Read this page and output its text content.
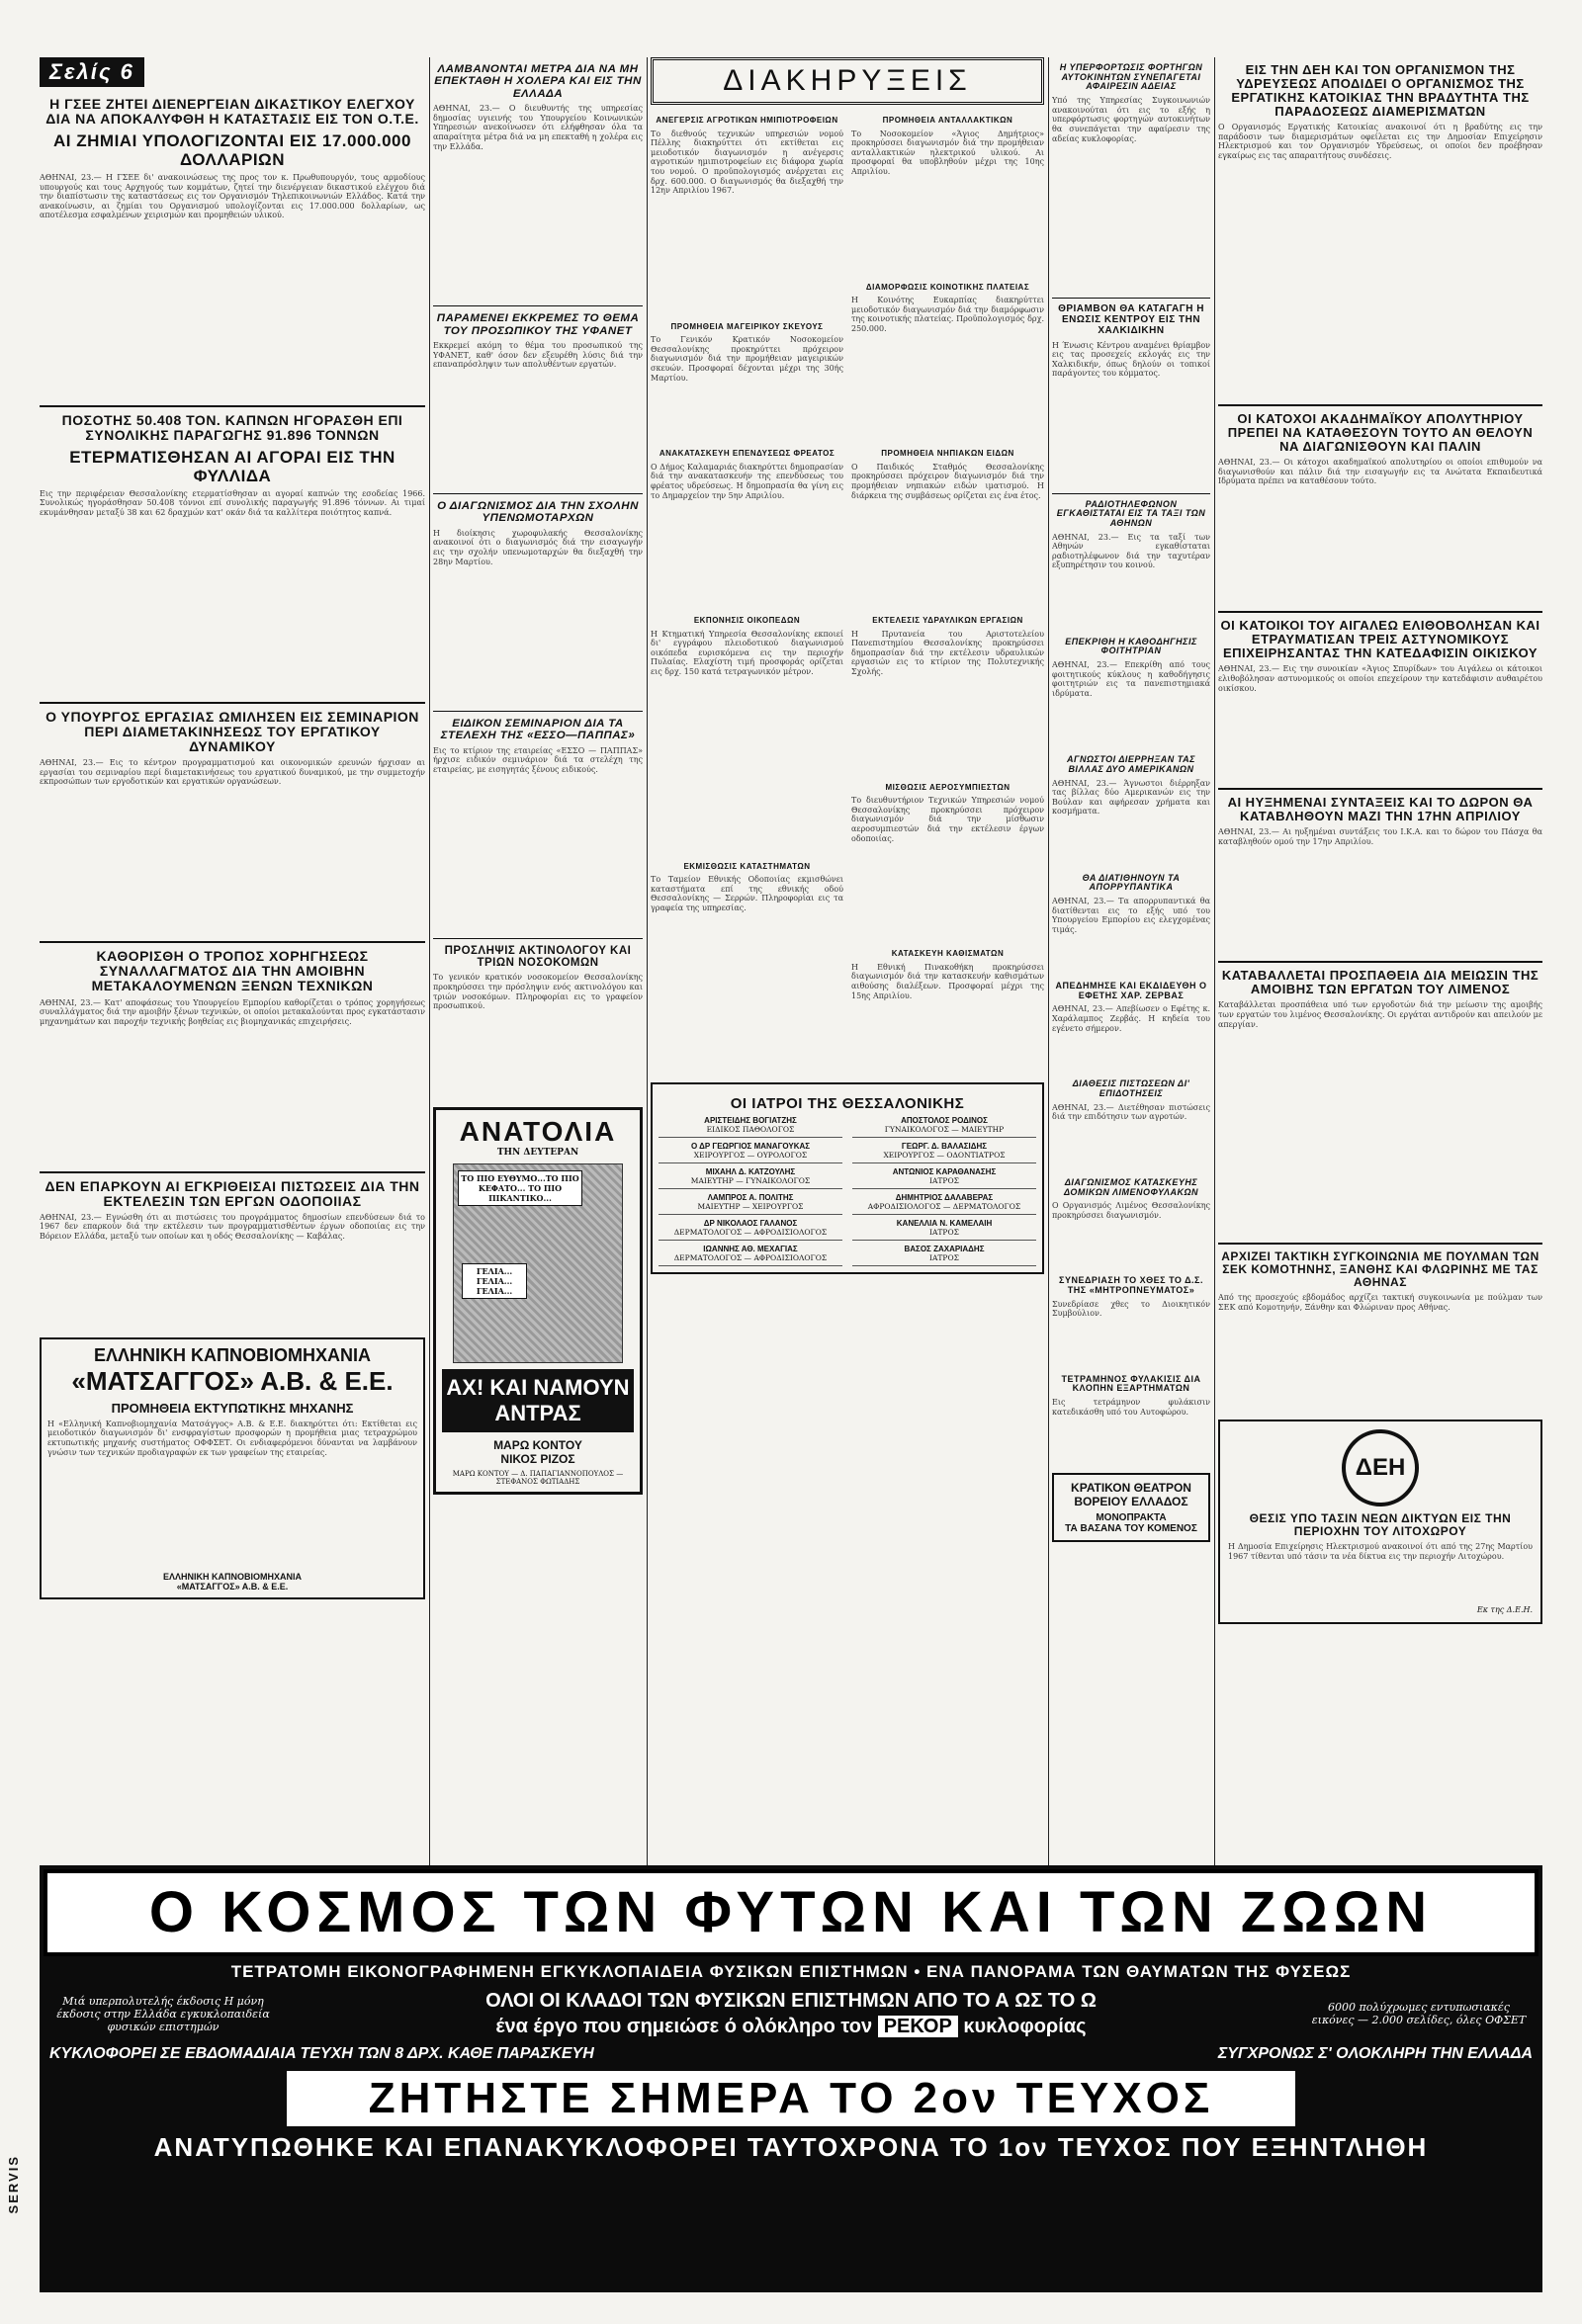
Σελίς 6
Η ΓΣΕΕ ΖΗΤΕΙ ΔΙΕΝΕΡΓΕΙΑΝ ΔΙΚΑΣΤΙΚΟΥ ΕΛΕΓΧΟΥ ΔΙΑ ΝΑ ΑΠΟΚΑΛΥΦΘΗ Η ΚΑΤΑΣΤΑΣΙΣ ΕΙΣ ΤΟΝ Ο.Τ.Ε.
ΑΙ ΖΗΜΙΑΙ ΥΠΟΛΟΓΙΖΟΝΤΑΙ ΕΙΣ 17.000.000 ΔΟΛΛΑΡΙΩΝ
ΑΘΗΝΑΙ, 23.— Η ΓΣΕΕ δι' ανακοινώσεως της προς τον κ. Πρωθυπουργόν, τους αρμοδίους υπουργούς και τους Αρχηγούς των κομμάτων, ζητεί την διενέργειαν δικαστικού ελέγχου διά την διαπίστωσιν της καταστάσεως εις τον Οργανισμόν Τηλεπικοινωνιών Ελλάδος. Κατά την ανακοίνωσιν, αι ζημίαι του Οργανισμού υπολογίζονται εις 17.000.000 δολλαρίων, ως αποτέλεσμα εσφαλμένων χειρισμών και προμηθειών υλικού.
ΠΟΣΟΤΗΣ 50.408 ΤΟΝ. ΚΑΠΝΩΝ ΗΓΟΡΑΣΘΗ ΕΠΙ ΣΥΝΟΛΙΚΗΣ ΠΑΡΑΓΩΓΗΣ 91.896 ΤΟΝΝΩΝ
ΕΤΕΡΜΑΤΙΣΘΗΣΑΝ ΑΙ ΑΓΟΡΑΙ ΕΙΣ ΤΗΝ ΦΥΛΛΙΔΑ
Εις την περιφέρειαν Θεσσαλονίκης ετερματίσθησαν αι αγοραί καπνών της εσοδείας 1966. Συνολικώς ηγοράσθησαν 50.408 τόννοι επί συνολικής παραγωγής 91.896 τόννων. Αι τιμαί εκυμάνθησαν μεταξύ 38 και 62 δραχμών κατ' οκάν διά τα καλλίτερα ποιότητος καπνά.
Ο ΥΠΟΥΡΓΟΣ ΕΡΓΑΣΙΑΣ ΩΜΙΛΗΣΕΝ ΕΙΣ ΣΕΜΙΝΑΡΙΟΝ ΠΕΡΙ ΔΙΑΜΕΤΑΚΙΝΗΣΕΩΣ ΤΟΥ ΕΡΓΑΤΙΚΟΥ ΔΥΝΑΜΙΚΟΥ
ΑΘΗΝΑΙ, 23.— Εις το κέντρον προγραμματισμού και οικονομικών ερευνών ήρχισαν αι εργασίαι του σεμιναρίου περί διαμετακινήσεως του εργατικού δυναμικού, με την συμμετοχήν εκπροσώπων των εργοδοτικών και εργατικών οργανώσεων.
ΚΑΘΟΡΙΣΘΗ Ο ΤΡΟΠΟΣ ΧΟΡΗΓΗΣΕΩΣ ΣΥΝΑΛΛΑΓΜΑΤΟΣ ΔΙΑ ΤΗΝ ΑΜΟΙΒΗΝ ΜΕΤΑΚΑΛΟΥΜΕΝΩΝ ΞΕΝΩΝ ΤΕΧΝΙΚΩΝ
ΑΘΗΝΑΙ, 23.— Κατ' αποφάσεως του Υπουργείου Εμπορίου καθορίζεται ο τρόπος χορηγήσεως συναλλάγματος διά την αμοιβήν ξένων τεχνικών, οι οποίοι μετακαλούνται προς εγκατάστασιν μηχανημάτων και παροχήν τεχνικής βοηθείας εις βιομηχανικάς επιχειρήσεις.
ΔΕΝ ΕΠΑΡΚΟΥΝ ΑΙ ΕΓΚΡΙΘΕΙΣΑΙ ΠΙΣΤΩΣΕΙΣ ΔΙΑ ΤΗΝ ΕΚΤΕΛΕΣΙΝ ΤΩΝ ΕΡΓΩΝ ΟΔΟΠΟΙΙΑΣ
ΑΘΗΝΑΙ, 23.— Εγνώσθη ότι αι πιστώσεις του προγράμματος δημοσίων επενδύσεων διά το 1967 δεν επαρκούν διά την εκτέλεσιν των προγραμματισθέντων έργων οδοποιίας εις την Βόρειον Ελλάδα, μεταξύ των οποίων και η οδός Θεσσαλονίκης — Καβάλας.
ΕΛΛΗΝΙΚΗ ΚΑΠΝΟΒΙΟΜΗΧΑΝΙΑ
«ΜΑΤΣΑΓΓΟΣ» Α.Β. & Ε.Ε.
ΠΡΟΜΗΘΕΙΑ ΕΚΤΥΠΩΤΙΚΗΣ ΜΗΧΑΝΗΣ
Η «Ελληνική Καπνοβιομηχανία Ματσάγγος» Α.Β. & Ε.Ε. διακηρύττει ότι: Εκτίθεται εις μειοδοτικόν διαγωνισμόν δι' ενσφραγίστων προσφορών η προμήθεια μιας τετραχρώμου εκτυπωτικής μηχανής συστήματος ΟΦΦΣΕΤ. Οι ενδιαφερόμενοι δύνανται να λαμβάνουν γνώσιν των τεχνικών προδιαγραφών εκ των γραφείων της εταιρείας.
ΕΛΛΗΝΙΚΗ ΚΑΠΝΟΒΙΟΜΗΧΑΝΙΑ
«ΜΑΤΣΑΓΓΟΣ» Α.Β. & Ε.Ε.
ΛΑΜΒΑΝΟΝΤΑΙ ΜΕΤΡΑ ΔΙΑ ΝΑ ΜΗ ΕΠΕΚΤΑΘΗ Η ΧΟΛΕΡΑ ΚΑΙ ΕΙΣ ΤΗΝ ΕΛΛΑΔΑ
ΑΘΗΝΑΙ, 23.— Ο διευθυντής της υπηρεσίας δημοσίας υγιεινής του Υπουργείου Κοινωνικών Υπηρεσιών ανεκοίνωσεν ότι ελήφθησαν όλα τα απαραίτητα μέτρα διά να μη επεκταθή η χολέρα εις την Ελλάδα.
ΠΑΡΑΜΕΝΕΙ ΕΚΚΡΕΜΕΣ ΤΟ ΘΕΜΑ ΤΟΥ ΠΡΟΣΩΠΙΚΟΥ ΤΗΣ ΥΦΑΝΕΤ
Εκκρεμεί ακόμη το θέμα του προσωπικού της ΥΦΑΝΕΤ, καθ' όσον δεν εξευρέθη λύσις διά την επαναπρόσληψιν των απολυθέντων εργατών.
Ο ΔΙΑΓΩΝΙΣΜΟΣ ΔΙΑ ΤΗΝ ΣΧΟΛΗΝ ΥΠΕΝΩΜΟΤΑΡΧΩΝ
Η διοίκησις χωροφυλακής Θεσσαλονίκης ανακοινοί ότι ο διαγωνισμός διά την εισαγωγήν εις την σχολήν υπενωμοταρχών θα διεξαχθή την 28ην Μαρτίου.
ΕΙΔΙΚΟΝ ΣΕΜΙΝΑΡΙΟΝ ΔΙΑ ΤΑ ΣΤΕΛΕΧΗ ΤΗΣ «ΕΣΣΟ—ΠΑΠΠΑΣ»
Εις το κτίριον της εταιρείας «ΕΣΣΟ — ΠΑΠΠΑΣ» ήρχισε ειδικόν σεμινάριον διά τα στελέχη της εταιρείας, με εισηγητάς ξένους ειδικούς.
ΠΡΟΣΛΗΨΙΣ ΑΚΤΙΝΟΛΟΓΟΥ ΚΑΙ ΤΡΙΩΝ ΝΟΣΟΚΟΜΩΝ
Το γενικόν κρατικόν νοσοκομείον Θεσσαλονίκης προκηρύσσει την πρόσληψιν ενός ακτινολόγου και τριών νοσοκόμων. Πληροφορίαι εις το γραφείον προσωπικού.
ΑΝΑΤΟΛΙΑ
ΤΗΝ ΔΕΥΤΕΡΑΝ
ΤΟ ΠΙΟ ΕΥΘΥΜΟ...ΤΟ ΠΙΟ ΚΕΦΑΤΟ... ΤΟ ΠΙΟ ΠΙΚΑΝΤΙΚΟ...
ΓΕΛΙΑ... ΓΕΛΙΑ... ΓΕΛΙΑ...
ΑΧ! ΚΑΙ ΝΑΜΟΥΝ ΑΝΤΡΑΣ
ΜΑΡΩ ΚΟΝΤΟΥ
ΝΙΚΟΣ ΡΙΖΟΣ
ΜΑΡΩ ΚΟΝΤΟΥ — Δ. ΠΑΠΑΓΙΑΝΝΟΠΟΥΛΟΣ — ΣΤΕΦΑΝΟΣ ΦΩΤΙΑΔΗΣ
ΔΙΑΚΗΡΥΞΕΙΣ
ΑΝΕΓΕΡΣΙΣ ΑΓΡΟΤΙΚΩΝ ΗΜΙΠΙΟΤΡΟΦΕΙΩΝ
Το διεθνούς τεχνικών υπηρεσιών νομού Πέλλης διακηρύττει ότι εκτίθεται εις μειοδοτικόν διαγωνισμόν η ανέγερσις αγροτικών ημιπιοτροφείων εις διάφορα χωρία του νομού. Ο προϋπολογισμός ανέρχεται εις δρχ. 600.000. Ο διαγωνισμός θα διεξαχθή την 12ην Απριλίου 1967.
ΠΡΟΜΗΘΕΙΑ ΜΑΓΕΙΡΙΚΟΥ ΣΚΕΥΟΥΣ
Το Γενικόν Κρατικόν Νοσοκομείον Θεσσαλονίκης προκηρύττει πρόχειρον διαγωνισμόν διά την προμήθειαν μαγειρικών σκευών. Προσφοραί δέχονται μέχρι της 30ής Μαρτίου.
ΑΝΑΚΑΤΑΣΚΕΥΗ ΕΠΕΝΔΥΣΕΩΣ ΦΡΕΑΤΟΣ
Ο Δήμος Καλαμαριάς διακηρύττει δημοπρασίαν διά την ανακατασκευήν της επενδύσεως του φρέατος υδρεύσεως. Η δημοπρασία θα γίνη εις το Δημαρχείον την 5ην Απριλίου.
ΕΚΠΟΝΗΣΙΣ ΟΙΚΟΠΕΔΩΝ
Η Κτηματική Υπηρεσία Θεσσαλονίκης εκποιεί δι' εγγράφου πλειοδοτικού διαγωνισμού οικόπεδα ευρισκόμενα εις την περιοχήν Πυλαίας. Ελαχίστη τιμή προσφοράς ορίζεται εις δρχ. 150 κατά τετραγωνικόν μέτρον.
ΕΚΜΙΣΘΩΣΙΣ ΚΑΤΑΣΤΗΜΑΤΩΝ
Το Ταμείον Εθνικής Οδοποιίας εκμισθώνει καταστήματα επί της εθνικής οδού Θεσσαλονίκης — Σερρών. Πληροφορίαι εις τα γραφεία της υπηρεσίας.
ΠΡΟΜΗΘΕΙΑ ΑΝΤΑΛΛΑΚΤΙΚΩΝ
Το Νοσοκομείον «Άγιος Δημήτριος» προκηρύσσει διαγωνισμόν διά την προμήθειαν ανταλλακτικών ηλεκτρικού υλικού. Αι προσφοραί θα υποβληθούν μέχρι της 10ης Απριλίου.
ΔΙΑΜΟΡΦΩΣΙΣ ΚΟΙΝΟΤΙΚΗΣ ΠΛΑΤΕΙΑΣ
Η Κοινότης Ευκαρπίας διακηρύττει μειοδοτικόν διαγωνισμόν διά την διαμόρφωσιν της κοινοτικής πλατείας. Προϋπολογισμός δρχ. 250.000.
ΠΡΟΜΗΘΕΙΑ ΝΗΠΙΑΚΩΝ ΕΙΔΩΝ
Ο Παιδικός Σταθμός Θεσσαλονίκης προκηρύσσει πρόχειρον διαγωνισμόν διά την προμήθειαν νηπιακών ειδών ιματισμού. Η διάρκεια της συμβάσεως ορίζεται εις ένα έτος.
ΕΚΤΕΛΕΣΙΣ ΥΔΡΑΥΛΙΚΩΝ ΕΡΓΑΣΙΩΝ
Η Πρυτανεία του Αριστοτελείου Πανεπιστημίου Θεσσαλονίκης προκηρύσσει δημοπρασίαν διά την εκτέλεσιν υδραυλικών εργασιών εις το κτίριον της Πολυτεχνικής Σχολής.
ΜΙΣΘΩΣΙΣ ΑΕΡΟΣΥΜΠΙΕΣΤΩΝ
Το διευθυντήριον Τεχνικών Υπηρεσιών νομού Θεσσαλονίκης προκηρύσσει πρόχειρον διαγωνισμόν διά την μίσθωσιν αεροσυμπιεστών διά την εκτέλεσιν έργων οδοποιίας.
ΚΑΤΑΣΚΕΥΗ ΚΑΘΙΣΜΑΤΩΝ
Η Εθνική Πινακοθήκη προκηρύσσει διαγωνισμόν διά την κατασκευήν καθισμάτων αιθούσης διαλέξεων. Προσφοραί μέχρι της 15ης Απριλίου.
ΟΙ ΙΑΤΡΟΙ ΤΗΣ ΘΕΣΣΑΛΟΝΙΚΗΣ
ΑΡΙΣΤΕΙΔΗΣ ΒΟΓΙΑΤΖΗΣ
ΕΙΔΙΚΟΣ ΠΑΘΟΛΟΓΟΣ
ΑΠΟΣΤΟΛΟΣ ΡΟΔΙΝΟΣ
ΓΥΝΑΙΚΟΛΟΓΟΣ — ΜΑΙΕΥΤΗΡ
Ο ΔΡ ΓΕΩΡΓΙΟΣ ΜΑΝΑΓΟΥΚΑΣ
ΧΕΙΡΟΥΡΓΟΣ — ΟΥΡΟΛΟΓΟΣ
ΓΕΩΡΓ. Δ. ΒΑΛΑΣΙΔΗΣ
ΧΕΙΡΟΥΡΓΟΣ — ΟΔΟΝΤΙΑΤΡΟΣ
ΜΙΧΑΗΛ Δ. ΚΑΤΖΟΥΛΗΣ
ΜΑΙΕΥΤΗΡ — ΓΥΝΑΙΚΟΛΟΓΟΣ
ΑΝΤΩΝΙΟΣ ΚΑΡΑΘΑΝΑΣΗΣ
ΙΑΤΡΟΣ
ΛΑΜΠΡΟΣ Α. ΠΟΛΙΤΗΣ
ΜΑΙΕΥΤΗΡ — ΧΕΙΡΟΥΡΓΟΣ
ΔΗΜΗΤΡΙΟΣ ΔΑΛΑΒΕΡΑΣ
ΑΦΡΟΔΙΣΙΟΛΟΓΟΣ — ΔΕΡΜΑΤΟΛΟΓΟΣ
ΔΡ ΝΙΚΟΛΑΟΣ ΓΑΛΑΝΟΣ
ΔΕΡΜΑΤΟΛΟΓΟΣ — ΑΦΡΟΔΙΣΙΟΛΟΓΟΣ
ΚΑΝΕΛΛΙΑ Ν. ΚΑΜΕΛΑΙΗ
ΙΑΤΡΟΣ
ΙΩΑΝΝΗΣ ΑΘ. ΜΕΧΑΓΙΑΣ
ΔΕΡΜΑΤΟΛΟΓΟΣ — ΑΦΡΟΔΙΣΙΟΛΟΓΟΣ
ΒΑΣΟΣ ΖΑΧΑΡΙΑΔΗΣ
ΙΑΤΡΟΣ
Η ΥΠΕΡΦΟΡΤΩΣΙΣ ΦΟΡΤΗΓΩΝ ΑΥΤΟΚΙΝΗΤΩΝ ΣΥΝΕΠΑΓΕΤΑΙ ΑΦΑΙΡΕΣΙΝ ΑΔΕΙΑΣ
Υπό της Υπηρεσίας Συγκοινωνιών ανακοινούται ότι εις το εξής η υπερφόρτωσις φορτηγών αυτοκινήτων θα συνεπάγεται την αφαίρεσιν της αδείας κυκλοφορίας.
ΘΡΙΑΜΒΟΝ ΘΑ ΚΑΤΑΓΑΓΗ Η ΕΝΩΣΙΣ ΚΕΝΤΡΟΥ ΕΙΣ ΤΗΝ ΧΑΛΚΙΔΙΚΗΝ
Η Ένωσις Κέντρου αναμένει θρίαμβον εις τας προσεχείς εκλογάς εις την Χαλκιδικήν, όπως δηλούν οι τοπικοί παράγοντες του κόμματος.
ΡΑΔΙΟΤΗΛΕΦΩΝΟΝ ΕΓΚΑΘΙΣΤΑΤΑΙ ΕΙΣ ΤΑ ΤΑΞΙ ΤΩΝ ΑΘΗΝΩΝ
ΑΘΗΝΑΙ, 23.— Εις τα ταξί των Αθηνών εγκαθίσταται ραδιοτηλέφωνον διά την ταχυτέραν εξυπηρέτησιν του κοινού.
ΕΠΕΚΡΙΘΗ Η ΚΑΘΟΔΗΓΗΣΙΣ ΦΟΙΤΗΤΡΙΑΝ
ΑΘΗΝΑΙ, 23.— Επεκρίθη από τους φοιτητικούς κύκλους η καθοδήγησις φοιτητριών εις τα πανεπιστημιακά ιδρύματα.
ΑΓΝΩΣΤΟΙ ΔΙΕΡΡΗΞΑΝ ΤΑΣ ΒΙΛΛΑΣ ΔΥΟ ΑΜΕΡΙΚΑΝΩΝ
ΑΘΗΝΑΙ, 23.— Άγνωστοι διέρρηξαν τας βίλλας δύο Αμερικανών εις την Βούλαν και αφήρεσαν χρήματα και κοσμήματα.
ΘΑ ΔΙΑΤΙΘΗΝΟΥΝ ΤΑ ΑΠΟΡΡΥΠΑΝΤΙΚΑ
ΑΘΗΝΑΙ, 23.— Τα απορρυπαντικά θα διατίθενται εις το εξής υπό του Υπουργείου Εμπορίου εις ελεγχομένας τιμάς.
ΑΠΕΔΗΜΗΣΕ ΚΑΙ ΕΚΔΙΔΕΥΘΗ Ο ΕΦΕΤΗΣ ΧΑΡ. ΖΕΡΒΑΣ
ΑΘΗΝΑΙ, 23.— Απεβίωσεν ο Εφέτης κ. Χαράλαμπος Ζερβάς. Η κηδεία του εγένετο σήμερον.
ΔΙΑΘΕΣΙΣ ΠΙΣΤΩΣΕΩΝ ΔΙ' ΕΠΙΔΟΤΗΣΕΙΣ
ΑΘΗΝΑΙ, 23.— Διετέθησαν πιστώσεις διά την επιδότησιν των αγροτών.
ΔΙΑΓΩΝΙΣΜΟΣ ΚΑΤΑΣΚΕΥΗΣ ΔΟΜΙΚΩΝ ΛΙΜΕΝΟΦΥΛΑΚΩΝ
Ο Οργανισμός Λιμένος Θεσσαλονίκης προκηρύσσει διαγωνισμόν.
ΣΥΝΕΔΡΙΑΣΗ ΤΟ ΧΘΕΣ ΤΟ Δ.Σ. ΤΗΣ «ΜΗΤΡΟΠΝΕΥΜΑΤΟΣ»
Συνεδρίασε χθες το Διοικητικόν Συμβούλιον.
ΤΕΤΡΑΜΗΝΟΣ ΦΥΛΑΚΙΣΙΣ ΔΙΑ ΚΛΟΠΗΝ ΕΞΑΡΤΗΜΑΤΩΝ
Εις τετράμηνον φυλάκισιν κατεδικάσθη υπό του Αυτοφώρου.
ΚΡΑΤΙΚΟΝ ΘΕΑΤΡΟΝ ΒΟΡΕΙΟΥ ΕΛΛΑΔΟΣ
ΜΟΝΟΠΡΑΚΤΑ
ΤΑ ΒΑΣΑΝΑ ΤΟΥ ΚΟΜΕΝΟΣ
ΕΙΣ ΤΗΝ ΔΕΗ ΚΑΙ ΤΟΝ ΟΡΓΑΝΙΣΜΟΝ ΤΗΣ ΥΔΡΕΥΣΕΩΣ ΑΠΟΔΙΔΕΙ Ο ΟΡΓΑΝΙΣΜΟΣ ΤΗΣ ΕΡΓΑΤΙΚΗΣ ΚΑΤΟΙΚΙΑΣ ΤΗΝ ΒΡΑΔΥΤΗΤΑ ΤΗΣ ΠΑΡΑΔΟΣΕΩΣ ΔΙΑΜΕΡΙΣΜΑΤΩΝ
Ο Οργανισμός Εργατικής Κατοικίας ανακοινοί ότι η βραδύτης εις την παράδοσιν των διαμερισμάτων οφείλεται εις την Δημοσίαν Επιχείρησιν Ηλεκτρισμού και τον Οργανισμόν Υδρεύσεως, οι οποίοι δεν προέβησαν εγκαίρως εις τας απαραιτήτους συνδέσεις.
ΟΙ ΚΑΤΟΧΟΙ ΑΚΑΔΗΜΑΪΚΟΥ ΑΠΟΛΥΤΗΡΙΟΥ ΠΡΕΠΕΙ ΝΑ ΚΑΤΑΘΕΣΟΥΝ ΤΟΥΤΟ ΑΝ ΘΕΛΟΥΝ ΝΑ ΔΙΑΓΩΝΙΣΘΟΥΝ ΚΑΙ ΠΑΛΙΝ
ΑΘΗΝΑΙ, 23.— Οι κάτοχοι ακαδημαϊκού απολυτηρίου οι οποίοι επιθυμούν να διαγωνισθούν και πάλιν διά την εισαγωγήν εις τα Ανώτατα Εκπαιδευτικά Ιδρύματα πρέπει να καταθέσουν τούτο.
ΟΙ ΚΑΤΟΙΚΟΙ ΤΟΥ ΑΙΓΑΛΕΩ ΕΛΙΘΟΒΟΛΗΣΑΝ ΚΑΙ ΕΤΡΑΥΜΑΤΙΣΑΝ ΤΡΕΙΣ ΑΣΤΥΝΟΜΙΚΟΥΣ ΕΠΙΧΕΙΡΗΣΑΝΤΑΣ ΤΗΝ ΚΑΤΕΔΑΦΙΣΙΝ ΟΙΚΙΣΚΟΥ
ΑΘΗΝΑΙ, 23.— Εις την συνοικίαν «Άγιος Σπυρίδων» του Αιγάλεω οι κάτοικοι ελιθοβόλησαν αστυνομικούς οι οποίοι επεχείρουν την κατεδάφισιν αυθαιρέτου οικίσκου.
ΑΙ ΗΥΞΗΜΕΝΑΙ ΣΥΝΤΑΞΕΙΣ ΚΑΙ ΤΟ ΔΩΡΟΝ ΘΑ ΚΑΤΑΒΛΗΘΟΥΝ ΜΑΖΙ ΤΗΝ 17ΗΝ ΑΠΡΙΛΙΟΥ
ΑΘΗΝΑΙ, 23.— Αι ηυξημέναι συντάξεις του Ι.Κ.Α. και το δώρον του Πάσχα θα καταβληθούν ομού την 17ην Απριλίου.
ΚΑΤΑΒΑΛΛΕΤΑΙ ΠΡΟΣΠΑΘΕΙΑ ΔΙΑ ΜΕΙΩΣΙΝ ΤΗΣ ΑΜΟΙΒΗΣ ΤΩΝ ΕΡΓΑΤΩΝ ΤΟΥ ΛΙΜΕΝΟΣ
Καταβάλλεται προσπάθεια υπό των εργοδοτών διά την μείωσιν της αμοιβής των εργατών του λιμένος Θεσσαλονίκης. Οι εργάται αντιδρούν και απειλούν με απεργίαν.
ΑΡΧΙΖΕΙ ΤΑΚΤΙΚΗ ΣΥΓΚΟΙΝΩΝΙΑ ΜΕ ΠΟΥΛΜΑΝ ΤΩΝ ΣΕΚ ΚΟΜΟΤΗΝΗΣ, ΞΑΝΘΗΣ ΚΑΙ ΦΛΩΡΙΝΗΣ ΜΕ ΤΑΣ ΑΘΗΝΑΣ
Από της προσεχούς εβδομάδος αρχίζει τακτική συγκοινωνία με πούλμαν των ΣΕΚ από Κομοτηνήν, Ξάνθην και Φλώριναν προς Αθήνας.
ΔΕΗ
ΘΕΣΙΣ ΥΠΟ ΤΑΣΙΝ ΝΕΩΝ ΔΙΚΤΥΩΝ ΕΙΣ ΤΗΝ ΠΕΡΙΟΧΗΝ ΤΟΥ ΛΙΤΟΧΩΡΟΥ
Η Δημοσία Επιχείρησις Ηλεκτρισμού ανακοινοί ότι από της 27ης Μαρτίου 1967 τίθενται υπό τάσιν τα νέα δίκτυα εις την περιοχήν Λιτοχώρου.
Εκ της Δ.Ε.Η.
Ο ΚΟΣΜΟΣ ΤΩΝ ΦΥΤΩΝ ΚΑΙ ΤΩΝ ΖΩΩΝ
ΤΕΤΡΑΤΟΜΗ ΕΙΚΟΝΟΓΡΑΦΗΜΕΝΗ ΕΓΚΥΚΛΟΠΑΙΔΕΙΑ ΦΥΣΙΚΩΝ ΕΠΙΣΤΗΜΩΝ • ΕΝΑ ΠΑΝΟΡΑΜΑ ΤΩΝ ΘΑΥΜΑΤΩΝ ΤΗΣ ΦΥΣΕΩΣ
Μιά υπερπολυτελής έκδοσις Η μόνη έκδοσις στην Ελλάδα εγκυκλοπαιδεία φυσικών επιστημών
ΟΛΟΙ ΟΙ ΚΛΑΔΟΙ ΤΩΝ ΦΥΣΙΚΩΝ ΕΠΙΣΤΗΜΩΝ ΑΠΟ ΤΟ Α ΩΣ ΤΟ Ω
ένα έργο που σημειώσε ό ολόκληρο τον ΡΕΚΟΡ κυκλοφορίας
6000 πολύχρωμες εντυπωσιακές εικόνες — 2.000 σελίδες, όλες ΟΦΣΕΤ
ΚΥΚΛΟΦΟΡΕΙ ΣΕ ΕΒΔΟΜΑΔΙΑΙΑ ΤΕΥΧΗ ΤΩΝ 8 ΔΡΧ. ΚΑΘΕ ΠΑΡΑΣΚΕΥΗ	ΣΥΓΧΡΟΝΩΣ Σ' ΟΛΟΚΛΗΡΗ ΤΗΝ ΕΛΛΑΔΑ
ΖΗΤΗΣΤΕ ΣΗΜΕΡΑ ΤΟ 2ον ΤΕΥΧΟΣ
ΑΝΑΤΥΠΩΘΗΚΕ ΚΑΙ ΕΠΑΝΑΚΥΚΛΟΦΟΡΕΙ ΤΑΥΤΟΧΡΟΝΑ ΤΟ 1ον ΤΕΥΧΟΣ ΠΟΥ ΕΞΗΝΤΛΗΘΗ
SERVIS
